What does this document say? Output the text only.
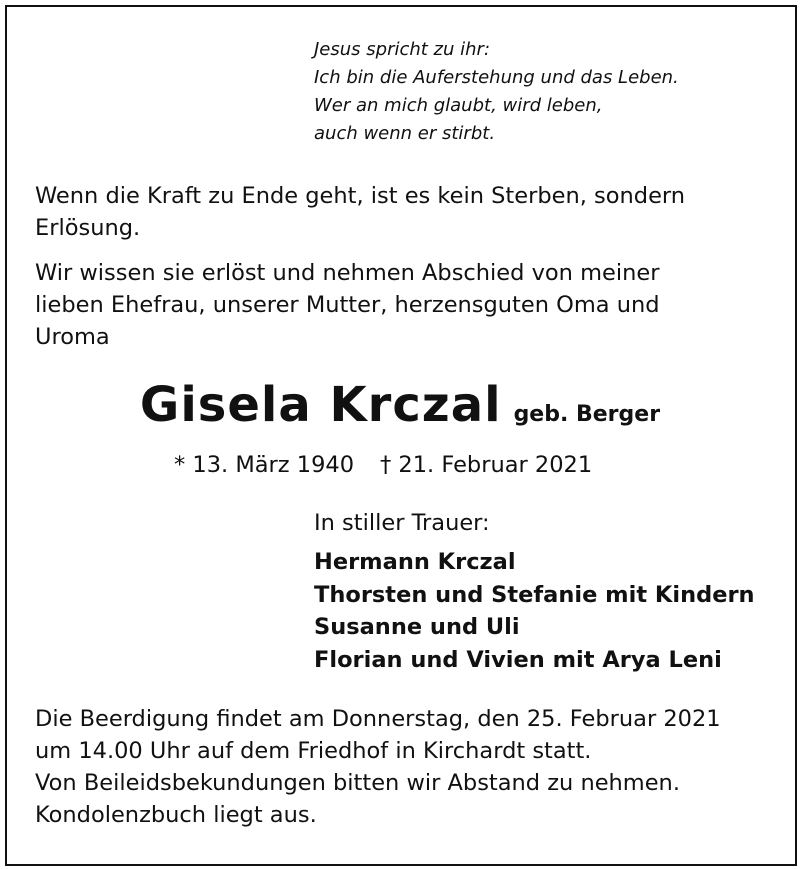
Jesus spricht zu ihr:
Ich bin die Auferstehung und das Leben.
Wer an mich glaubt, wird leben,
auch wenn er stirbt.
Wenn die Kraft zu Ende geht, ist es kein Sterben, sondern
Erlösung.
Wir wissen sie erlöst und nehmen Abschied von meiner
lieben Ehefrau, unserer Mutter, herzensguten Oma und
Uroma
Gisela Krczal geb. Berger
* 13. März 1940 † 21. Februar 2021
In stiller Trauer:
Hermann Krczal
Thorsten und Stefanie mit Kindern
Susanne und Uli
Florian und Vivien mit Arya Leni
Die Beerdigung findet am Donnerstag, den 25. Februar 2021
um 14.00 Uhr auf dem Friedhof in Kirchardt statt.
Von Beileidsbekundungen bitten wir Abstand zu nehmen.
Kondolenzbuch liegt aus.
